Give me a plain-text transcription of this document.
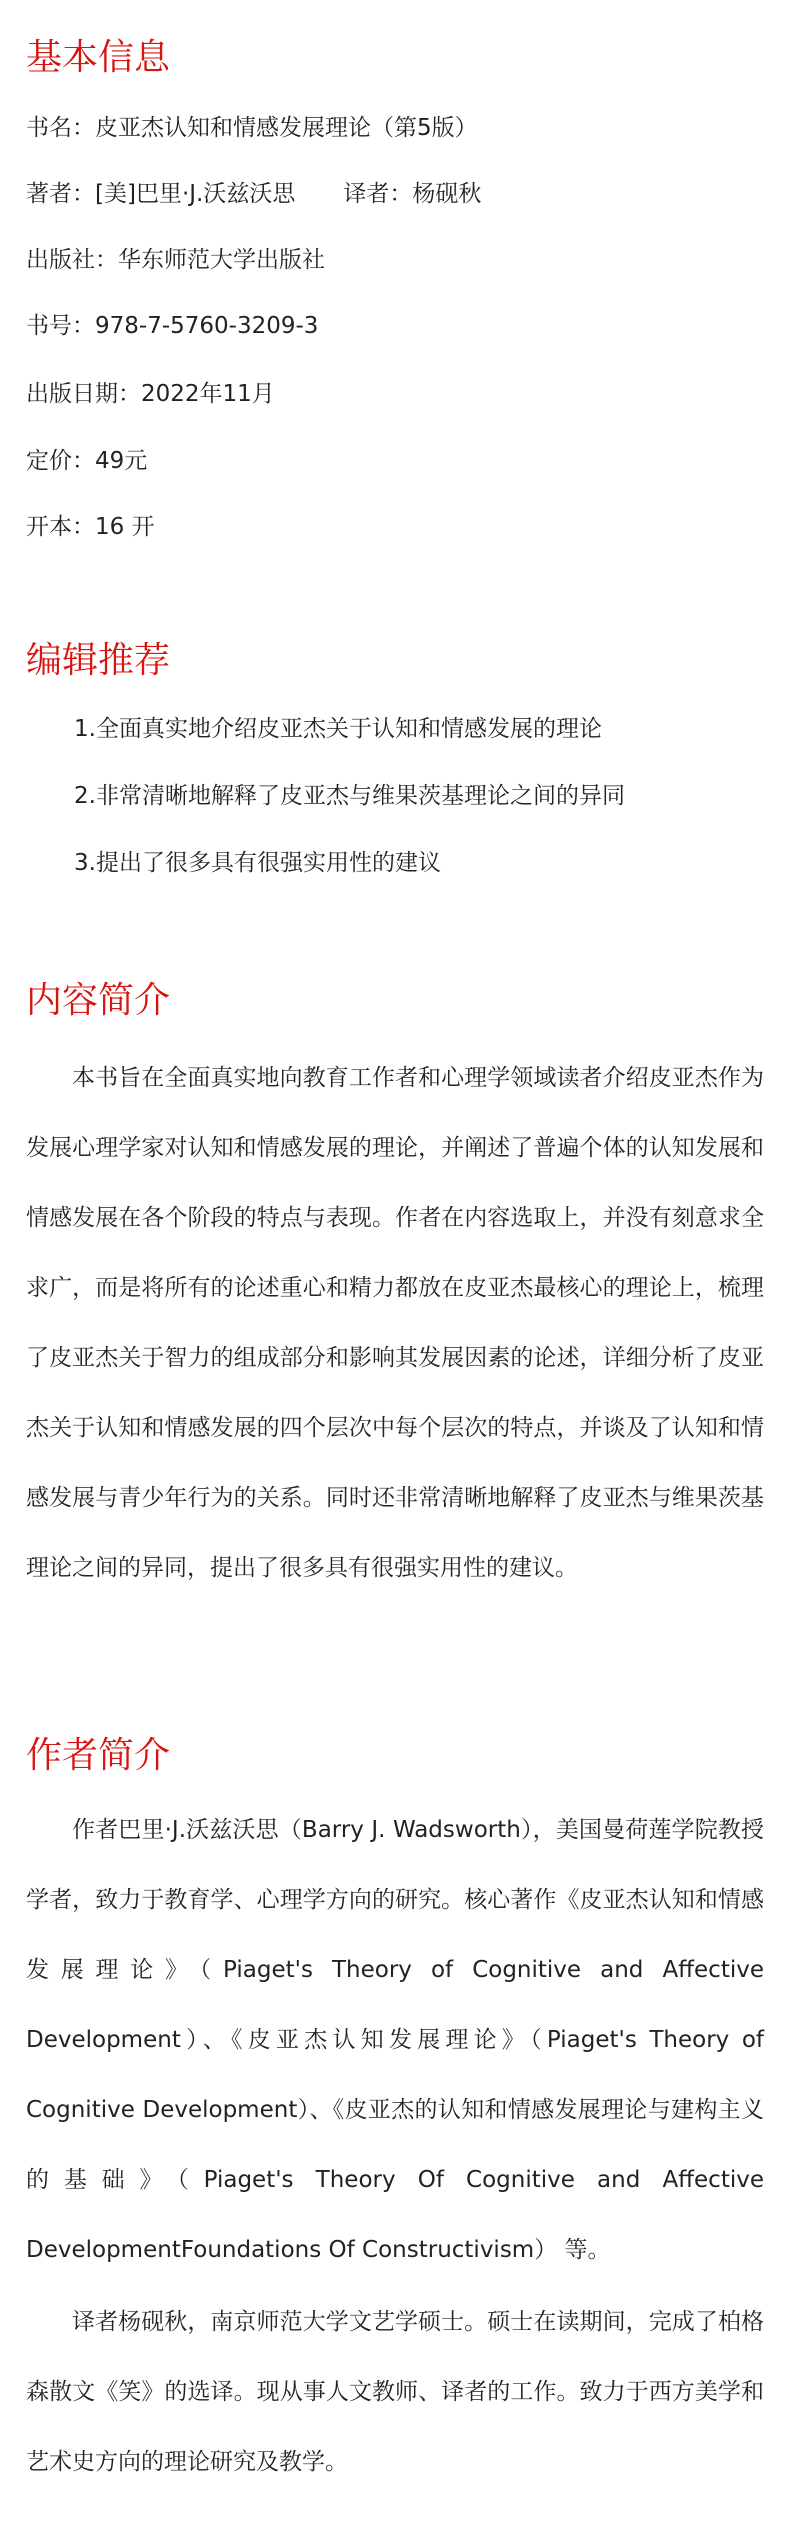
基本信息
书名：皮亚杰认知和情感发展理论（第5版）
著者：[美]巴里·J.沃兹沃思 译者：杨砚秋
出版社：华东师范大学出版社
书号：978-7-5760-3209-3
出版日期：2022年11月
定价：49元
开本：16 开
编辑推荐
1.全面真实地介绍皮亚杰关于认知和情感发展的理论
2.非常清晰地解释了皮亚杰与维果茨基理论之间的异同
3.提出了很多具有很强实用性的建议
内容简介

本书旨在全面真实地向教育工作者和心理学领域读者介绍皮亚杰作为发展心理学家对认知和情感发展的理论，并阐述了普遍个体的认知发展和情感发展在各个阶段的特点与表现。作者在内容选取上，并没有刻意求全求广，而是将所有的论述重心和精力都放在皮亚杰最核心的理论上，梳理了皮亚杰关于智力的组成部分和影响其发展因素的论述，详细分析了皮亚杰关于认知和情感发展的四个层次中每个层次的特点，并谈及了认知和情感发展与青少年行为的关系。同时还非常清晰地解释了皮亚杰与维果茨基理论之间的异同，提出了很多具有很强实用性的建议。

作者简介

作者巴里·J.沃兹沃思（Barry J. Wadsworth），美国曼荷莲学院教授学者，致力于教育学、心理学方向的研究。核心著作《皮亚杰认知和情感发展理论》（Piaget's Theory of Cognitive and Affective Development）、《皮亚杰认知发展理论》（Piaget's Theory of Cognitive Development）、《皮亚杰的认知和情感发展理论与建构主义的基础》（Piaget's Theory Of Cognitive and Affective DevelopmentFoundations Of Constructivism） 等。

译者杨砚秋，南京师范大学文艺学硕士。硕士在读期间，完成了柏格森散文《笑》的选译。现从事人文教师、译者的工作。致力于西方美学和艺术史方向的理论研究及教学。
